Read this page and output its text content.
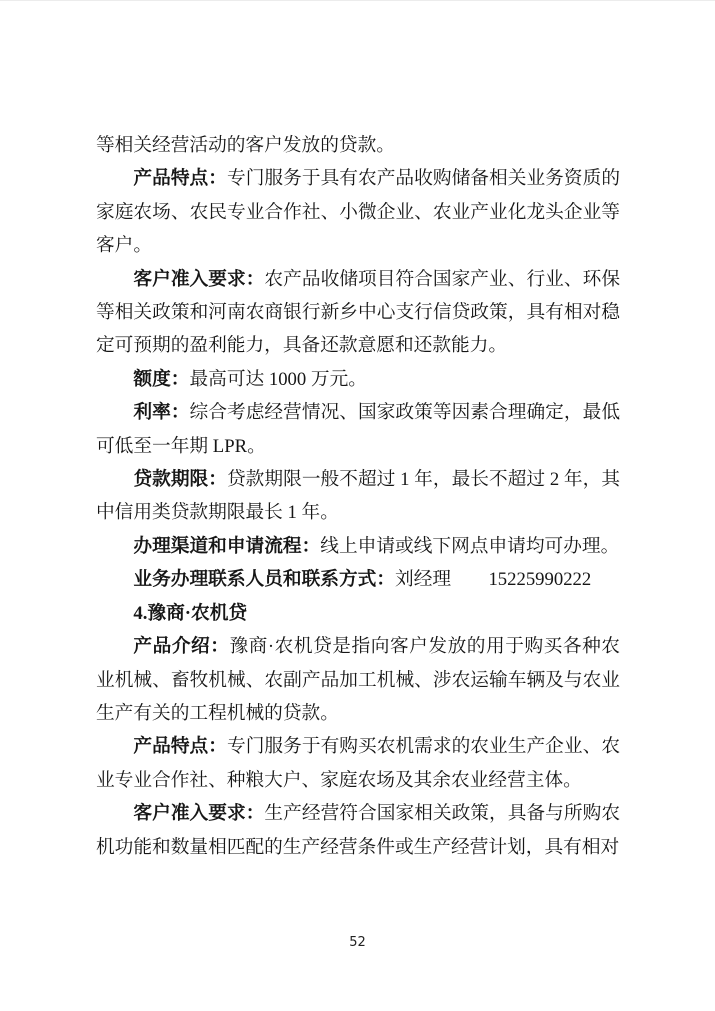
等相关经营活动的客户发放的贷款。

产品特点：专门服务于具有农产品收购储备相关业务资质的家庭农场、农民专业合作社、小微企业、农业产业化龙头企业等客户。

客户准入要求：农产品收储项目符合国家产业、行业、环保等相关政策和河南农商银行新乡中心支行信贷政策，具有相对稳定可预期的盈利能力，具备还款意愿和还款能力。

额度：最高可达 1000 万元。

利率：综合考虑经营情况、国家政策等因素合理确定，最低可低至一年期 LPR。

贷款期限：贷款期限一般不超过 1 年，最长不超过 2 年，其中信用类贷款期限最长 1 年。

办理渠道和申请流程：线上申请或线下网点申请均可办理。

业务办理联系人员和联系方式：刘经理　　15225990222

4.豫商·农机贷

产品介绍：豫商·农机贷是指向客户发放的用于购买各种农业机械、畜牧机械、农副产品加工机械、涉农运输车辆及与农业生产有关的工程机械的贷款。

产品特点：专门服务于有购买农机需求的农业生产企业、农业专业合作社、种粮大户、家庭农场及其余农业经营主体。

客户准入要求：生产经营符合国家相关政策，具备与所购农机功能和数量相匹配的生产经营条件或生产经营计划，具有相对

52
